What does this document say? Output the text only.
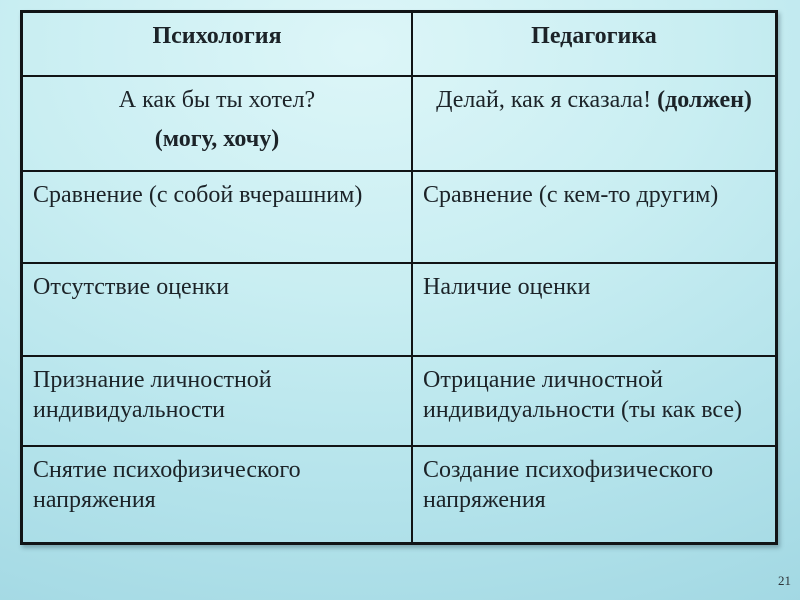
Психология	Педагогика

А как бы ты хотел?
(могу, хочу)	Делай, как я сказала! (должен)
Сравнение (с собой вчерашним)	Сравнение (с кем-то другим)
Отсутствие оценки	Наличие оценки
Признание личностной индивидуальности	Отрицание личностной индивидуальности (ты как все)
Снятие психофизического напряжения	Создание психофизического напряжения
21
